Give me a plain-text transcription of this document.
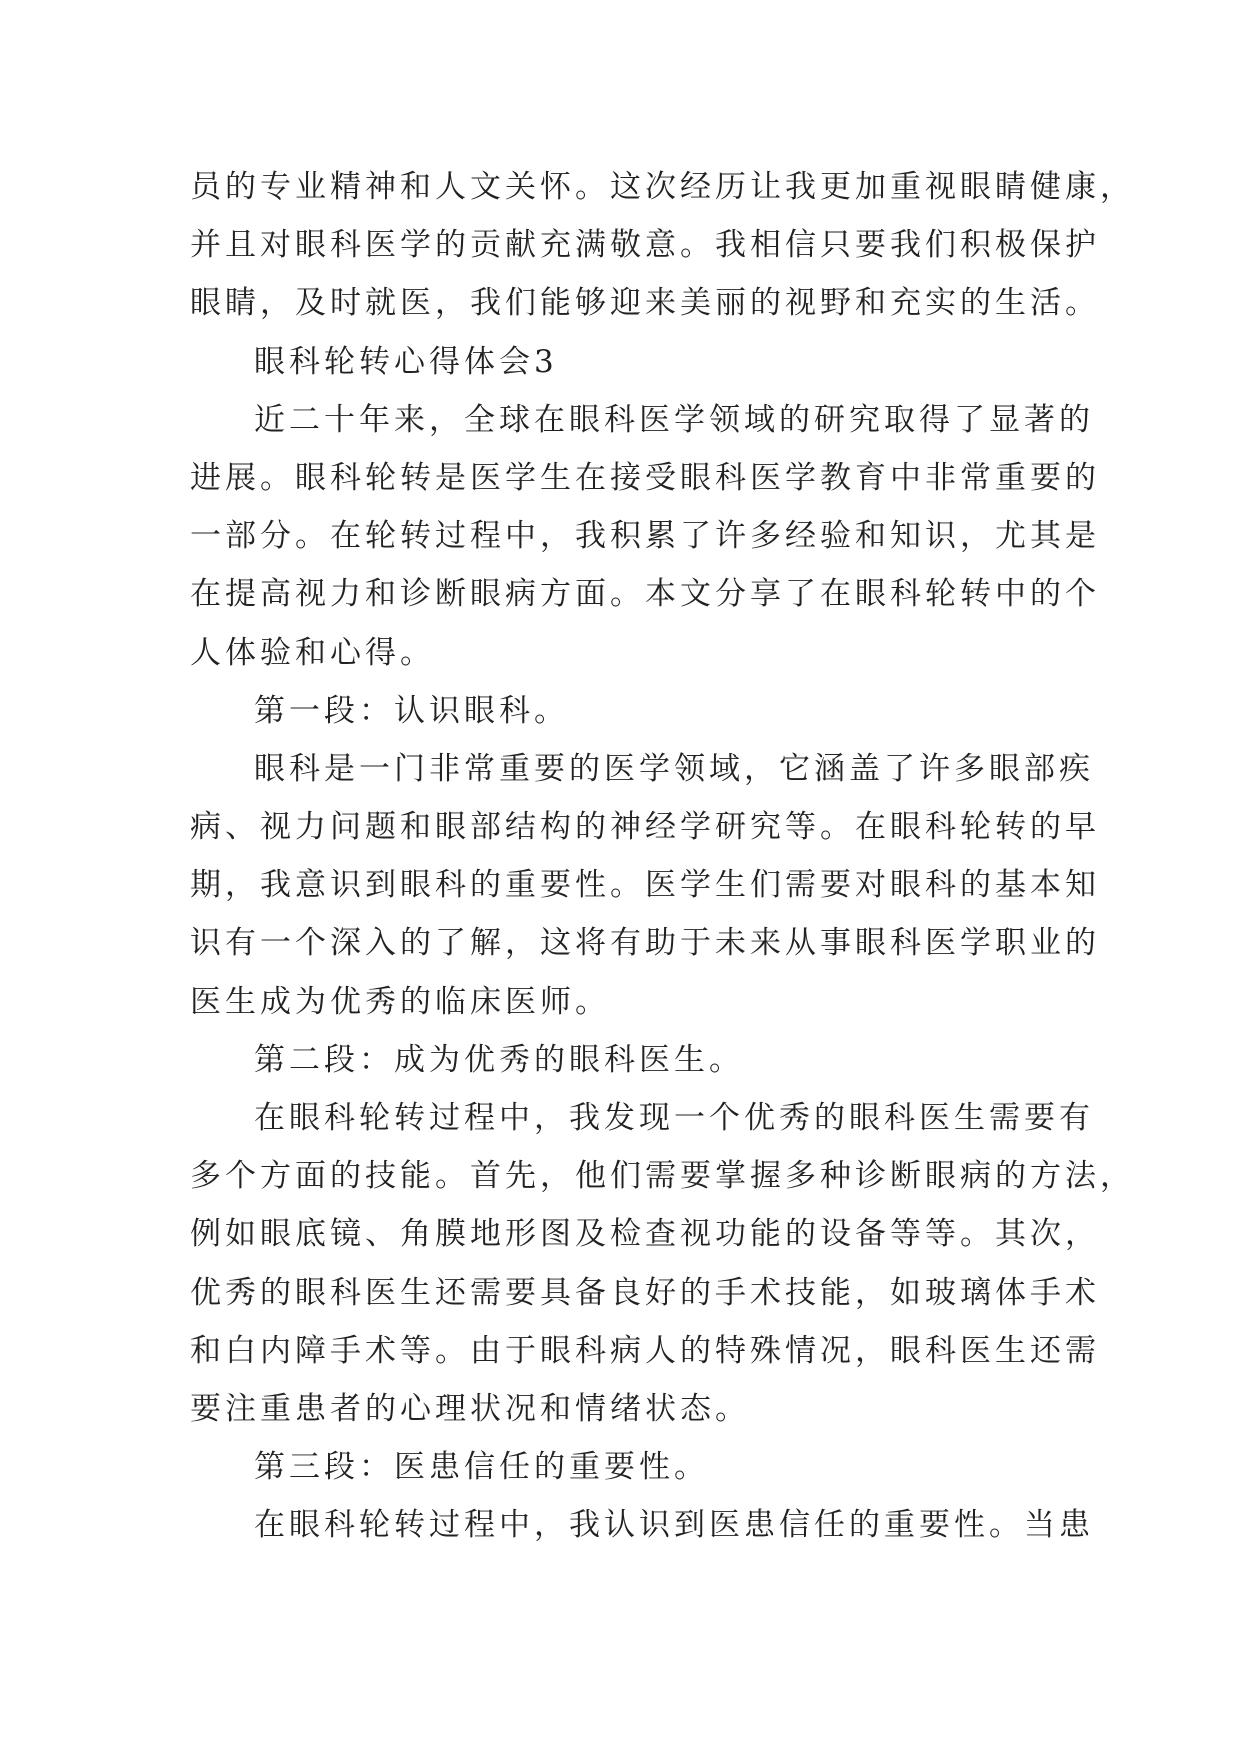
员的专业精神和人文关怀。这次经历让我更加重视眼睛健康，
并且对眼科医学的贡献充满敬意。我相信只要我们积极保护
眼睛，及时就医，我们能够迎来美丽的视野和充实的生活。
眼科轮转心得体会3
近二十年来，全球在眼科医学领域的研究取得了显著的
进展。眼科轮转是医学生在接受眼科医学教育中非常重要的
一部分。在轮转过程中，我积累了许多经验和知识，尤其是
在提高视力和诊断眼病方面。本文分享了在眼科轮转中的个
人体验和心得。
第一段：认识眼科。
眼科是一门非常重要的医学领域，它涵盖了许多眼部疾
病、视力问题和眼部结构的神经学研究等。在眼科轮转的早
期，我意识到眼科的重要性。医学生们需要对眼科的基本知
识有一个深入的了解，这将有助于未来从事眼科医学职业的
医生成为优秀的临床医师。
第二段：成为优秀的眼科医生。
在眼科轮转过程中，我发现一个优秀的眼科医生需要有
多个方面的技能。首先，他们需要掌握多种诊断眼病的方法，
例如眼底镜、角膜地形图及检查视功能的设备等等。其次，
优秀的眼科医生还需要具备良好的手术技能，如玻璃体手术
和白内障手术等。由于眼科病人的特殊情况，眼科医生还需
要注重患者的心理状况和情绪状态。
第三段：医患信任的重要性。
在眼科轮转过程中，我认识到医患信任的重要性。当患
